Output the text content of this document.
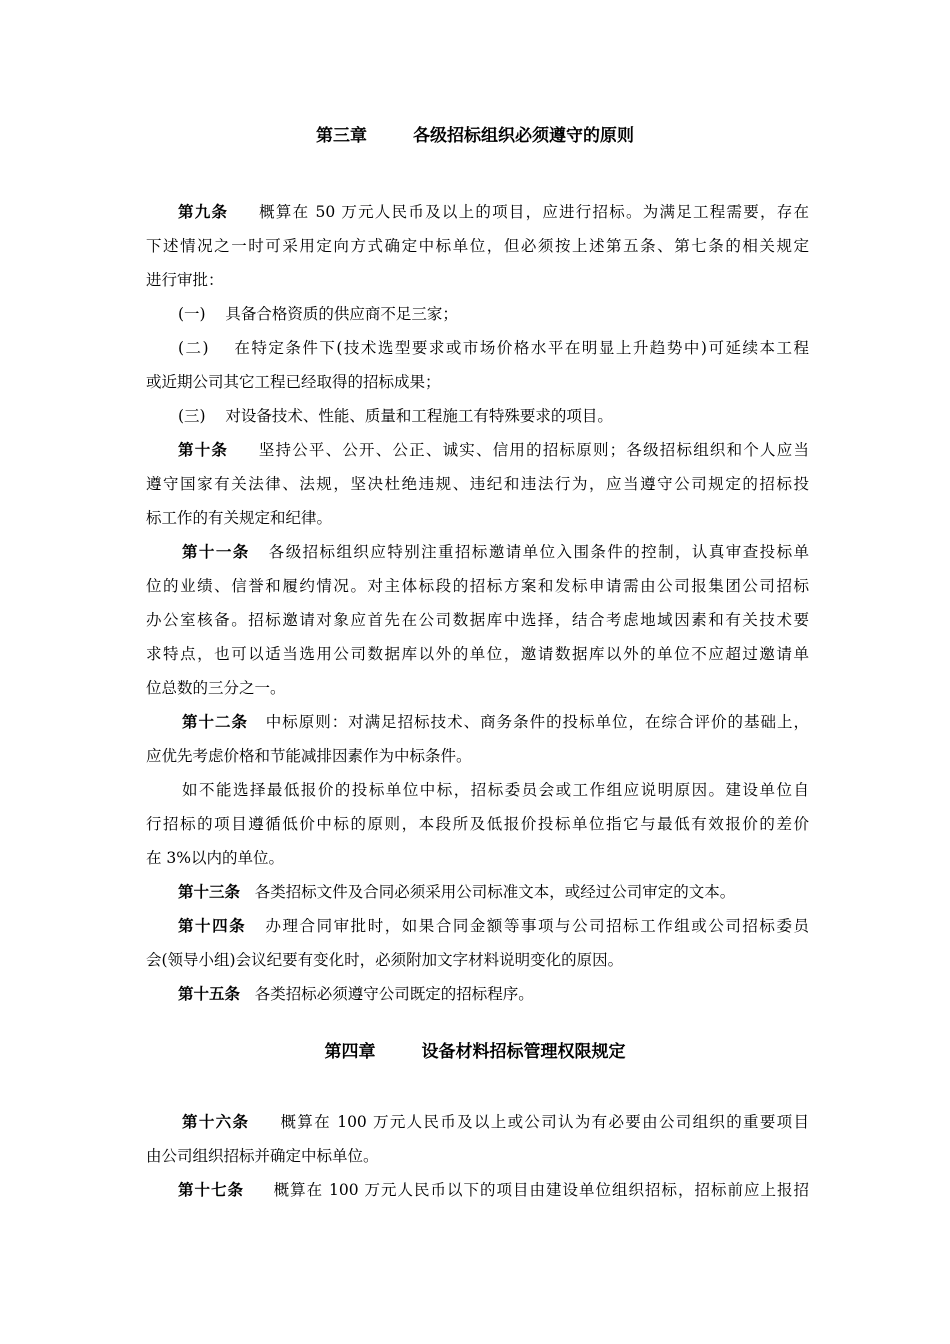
第三章	各级招标组织必须遵守的原则
第九条 概算在 50 万元人民币及以上的项目，应进行招标。为满足工程需要，存在
下述情况之一时可采用定向方式确定中标单位，但必须按上述第五条、第七条的相关规定
进行审批：
(一) 具备合格资质的供应商不足三家；
(二) 在特定条件下(技术选型要求或市场价格水平在明显上升趋势中)可延续本工程
或近期公司其它工程已经取得的招标成果；
(三) 对设备技术、性能、质量和工程施工有特殊要求的项目。
第十条 坚持公平、公开、公正、诚实、信用的招标原则；各级招标组织和个人应当
遵守国家有关法律、法规，坚决杜绝违规、违纪和违法行为，应当遵守公司规定的招标投
标工作的有关规定和纪律。
第十一条 各级招标组织应特别注重招标邀请单位入围条件的控制，认真审查投标单
位的业绩、信誉和履约情况。对主体标段的招标方案和发标申请需由公司报集团公司招标
办公室核备。招标邀请对象应首先在公司数据库中选择，结合考虑地域因素和有关技术要
求特点，也可以适当选用公司数据库以外的单位，邀请数据库以外的单位不应超过邀请单
位总数的三分之一。
第十二条 中标原则：对满足招标技术、商务条件的投标单位，在综合评价的基础上，
应优先考虑价格和节能减排因素作为中标条件。
如不能选择最低报价的投标单位中标，招标委员会或工作组应说明原因。建设单位自
行招标的项目遵循低价中标的原则，本段所及低报价投标单位指它与最低有效报价的差价
在 3%以内的单位。
第十三条 各类招标文件及合同必须采用公司标准文本，或经过公司审定的文本。
第十四条 办理合同审批时，如果合同金额等事项与公司招标工作组或公司招标委员
会(领导小组)会议纪要有变化时，必须附加文字材料说明变化的原因。
第十五条 各类招标必须遵守公司既定的招标程序。
第四章	设备材料招标管理权限规定
第十六条 概算在 100 万元人民币及以上或公司认为有必要由公司组织的重要项目
由公司组织招标并确定中标单位。
第十七条 概算在 100 万元人民币以下的项目由建设单位组织招标，招标前应上报招
